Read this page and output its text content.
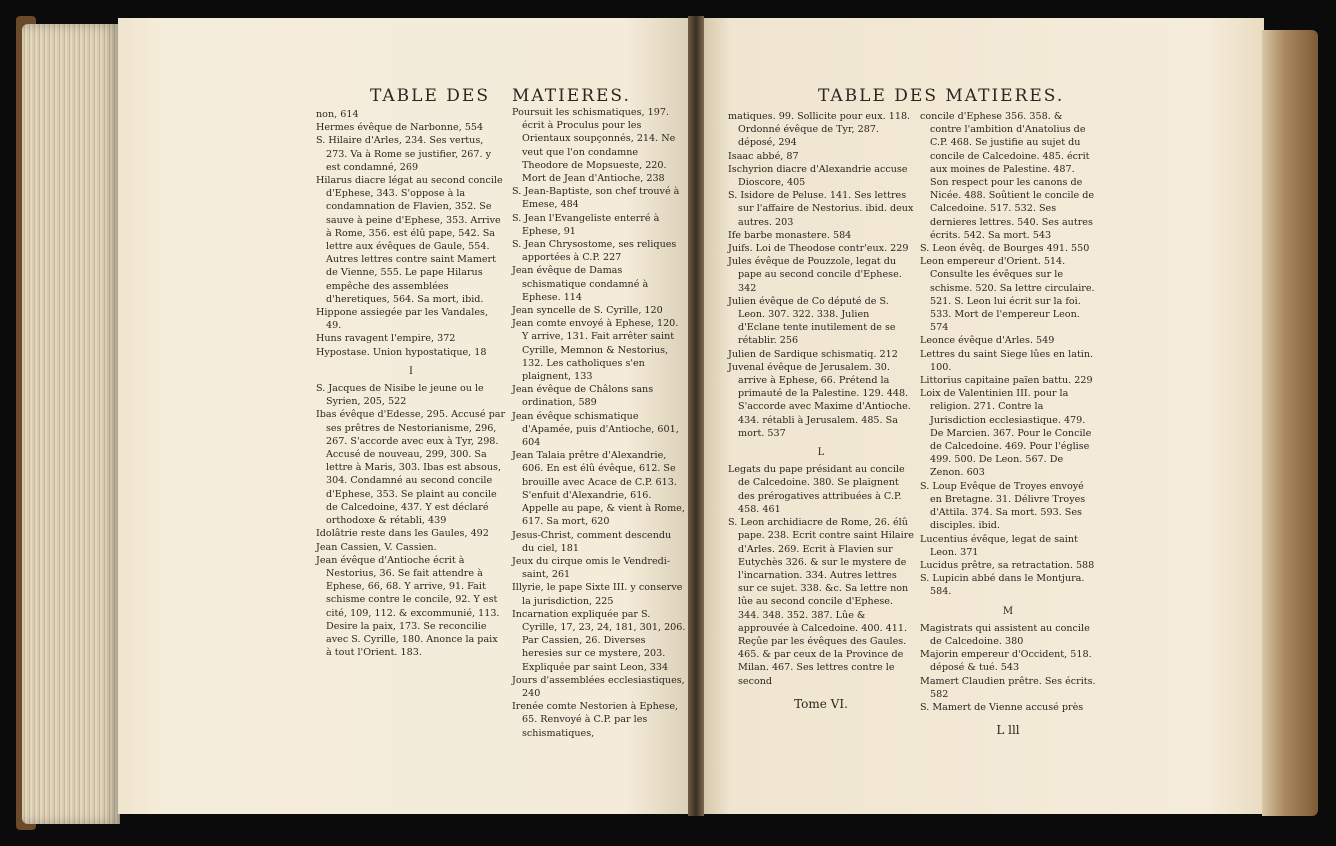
TABLE DES MATIERES.	TABLE DES MATIERES.

non, 614

Hermes évêque de Narbonne, 554

S. Hilaire d'Arles, 234. Ses vertus, 273. Va à Rome se justifier, 267. y est condamné, 269

Hilarus diacre légat au second concile d'Ephese, 343. S'oppose à la condamnation de Flavien, 352. Se sauve à peine d'Ephese, 353. Arrive à Rome, 356. est élû pape, 542. Sa lettre aux évêques de Gaule, 554. Autres lettres contre saint Mamert de Vienne, 555. Le pape Hilarus empêche des assemblées d'heretiques, 564. Sa mort, ibid.

Hippone assiegée par les Vandales, 49.

Huns ravagent l'empire, 372

Hypostase. Union hypostatique, 18

I

S. Jacques de Nisibe le jeune ou le Syrien, 205, 522

Ibas évêque d'Edesse, 295. Accusé par ses prêtres de Nestorianisme, 296, 267. S'accorde avec eux à Tyr, 298. Accusé de nouveau, 299, 300. Sa lettre à Maris, 303. Ibas est absous, 304. Condamné au second concile d'Ephese, 353. Se plaint au concile de Calcedoine, 437. Y est déclaré orthodoxe & rétabli, 439

Idolâtrie reste dans les Gaules, 492

Jean Cassien, V. Cassien.

Jean évêque d'Antioche écrit à Nestorius, 36. Se fait attendre à Ephese, 66, 68. Y arrive, 91. Fait schisme contre le concile, 92. Y est cité, 109, 112. & excommunié, 113. Desire la paix, 173. Se reconcilie avec S. Cyrille, 180. Anonce la paix à tout l'Orient. 183.

Poursuit les schismatiques, 197. écrit à Proculus pour les Orientaux soupçonnés, 214. Ne veut que l'on condamne Theodore de Mopsueste, 220. Mort de Jean d'Antioche, 238

S. Jean-Baptiste, son chef trouvé à Emese, 484

S. Jean l'Evangeliste enterré à Ephese, 91

S. Jean Chrysostome, ses reliques apportées à C.P. 227

Jean évêque de Damas schismatique condamné à Ephese. 114

Jean syncelle de S. Cyrille, 120

Jean comte envoyé à Ephese, 120. Y arrive, 131. Fait arrêter saint Cyrille, Memnon & Nestorius, 132. Les catholiques s'en plaignent, 133

Jean évêque de Châlons sans ordination, 589

Jean évêque schismatique d'Apamée, puis d'Antioche, 601, 604

Jean Talaia prêtre d'Alexandrie, 606. En est élû évêque, 612. Se brouille avec Acace de C.P. 613. S'enfuit d'Alexandrie, 616. Appelle au pape, & vient à Rome, 617. Sa mort, 620

Jesus-Christ, comment descendu du ciel, 181

Jeux du cirque omis le Vendredi-saint, 261

Illyrie, le pape Sixte III. y conserve la jurisdiction, 225

Incarnation expliquée par S. Cyrille, 17, 23, 24, 181, 301, 206. Par Cassien, 26. Diverses heresies sur ce mystere, 203. Expliquée par saint Leon, 334

Jours d'assemblées ecclesiastiques, 240

Irenée comte Nestorien à Ephese, 65. Renvoyé à C.P. par les schismatiques,

matiques. 99. Sollicite pour eux. 118. Ordonné évêque de Tyr, 287. déposé, 294

Isaac abbé, 87

Ischyrion diacre d'Alexandrie accuse Dioscore, 405

S. Isidore de Peluse. 141. Ses lettres sur l'affaire de Nestorius. ibid. deux autres. 203

Ife barbe monastere. 584

Juifs. Loi de Theodose contr'eux. 229

Jules évêque de Pouzzole, legat du pape au second concile d'Ephese. 342

Julien évêque de Co député de S. Leon. 307. 322. 338. Julien d'Eclane tente inutilement de se rétablir. 256

Julien de Sardique schismatiq. 212

Juvenal évêque de Jerusalem. 30. arrive à Ephese, 66. Prétend la primauté de la Palestine. 129. 448. S'accorde avec Maxime d'Antioche. 434. rétabli à Jerusalem. 485. Sa mort. 537

L

Legats du pape présidant au concile de Calcedoine. 380. Se plaignent des prérogatives attribuées à C.P. 458. 461

S. Leon archidiacre de Rome, 26. élû pape. 238. Ecrit contre saint Hilaire d'Arles. 269. Ecrit à Flavien sur Eutychès 326. & sur le mystere de l'incarnation. 334. Autres lettres sur ce sujet. 338. &c. Sa lettre non lûe au second concile d'Ephese. 344. 348. 352. 387. Lûe & approuvée à Calcedoine. 400. 411. Reçûe par les évêques des Gaules. 465. & par ceux de la Province de Milan. 467. Ses lettres contre le second

Tome VI.

concile d'Ephese 356. 358. & contre l'ambition d'Anatolius de C.P. 468. Se justifie au sujet du concile de Calcedoine. 485. écrit aux moines de Palestine. 487. Son respect pour les canons de Nicée. 488. Soûtient le concile de Calcedoine. 517. 532. Ses dernieres lettres. 540. Ses autres écrits. 542. Sa mort. 543

S. Leon évêq. de Bourges 491. 550

Leon empereur d'Orient. 514. Consulte les évêques sur le schisme. 520. Sa lettre circulaire. 521. S. Leon lui écrit sur la foi. 533. Mort de l'empereur Leon. 574

Leonce évêque d'Arles. 549

Lettres du saint Siege lûes en latin. 100.

Littorius capitaine païen battu. 229

Loix de Valentinien III. pour la religion. 271. Contre la Jurisdiction ecclesiastique. 479. De Marcien. 367. Pour le Concile de Calcedoine. 469. Pour l'église 499. 500. De Leon. 567. De Zenon. 603

S. Loup Evêque de Troyes envoyé en Bretagne. 31. Délivre Troyes d'Attila. 374. Sa mort. 593. Ses disciples. ibid.

Lucentius évêque, legat de saint Leon. 371

Lucidus prêtre, sa retractation. 588

S. Lupicin abbé dans le Montjura. 584.

M

Magistrats qui assistent au concile de Calcedoine. 380

Majorin empereur d'Occident, 518. déposé & tué. 543

Mamert Claudien prêtre. Ses écrits. 582

S. Mamert de Vienne accusé près

L lll
